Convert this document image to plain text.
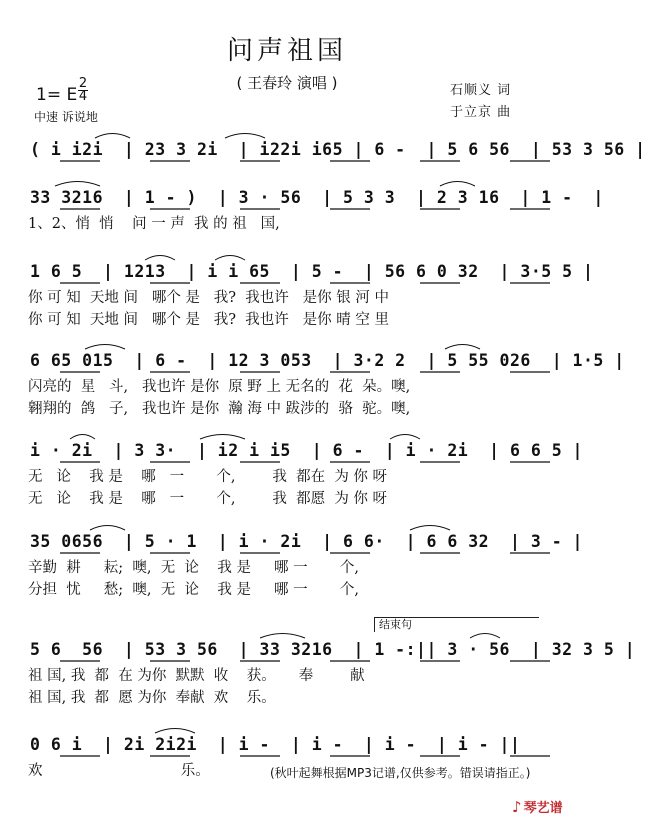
问声祖国
( 王春玲 演唱 )
1= E
2
4
中速 诉说地
石顺义 词
于立京 曲
( i i2i  | 23 3 2i  | i22i i65 | 6 -  | 5 6 56  | 53 3 56 |
33 3216  | 1 - )  | 3 · 56  | 5 3 3  | 2 3 16  | 1 -  |
1、2、悄  悄    问 一 声  我 的 祖   国,
1 6 5  | 1213  | i i 65  | 5 -  | 56 6 0 32  | 3·5 5 |
你 可 知  天地 间   哪个 是   我?  我也许   是你 银 河 中
你 可 知  天地 间   哪个 是   我?  我也许   是你 晴 空 里
6 65 015  | 6 -  | 12 3 053  | 3·2 2  | 5 55 026  | 1·5 |
闪亮的  星   斗,   我也许 是你  原 野 上 无名的  花  朵。噢,
翱翔的  鸽   子,   我也许 是你  瀚 海 中 跋涉的  骆  驼。噢,
i · 2i  | 3 3·  | i2 i i5  | 6 -  | i · 2i  | 6 6 5 |
无   论    我 是    哪   一       个,        我  都在  为 你 呀
无   论    我 是    哪   一       个,        我  都愿  为 你 呀
35 0656  | 5 · 1  | i · 2i  | 6 6·  | 6 6 32  | 3 - |
辛勤  耕     耘;  噢,  无  论    我 是     哪 一       个,
分担  忧     愁;  噢,  无  论    我 是     哪 一       个,
5 6  56  | 53 3 56  | 33 3216  | 1 -:|| 3 · 56  | 32 3 5 |
祖 国, 我  都  在 为你  默默  收    获。     奉        献
祖 国, 我  都  愿 为你  奉献  欢    乐。
0 6 i  | 2i 2i2i  | i -  | i -  | i -  | i - ||
欢                              乐。
结束句
(秋叶起舞根据MP3记谱,仅供参考。错误请指正。)
♪ 琴艺谱
